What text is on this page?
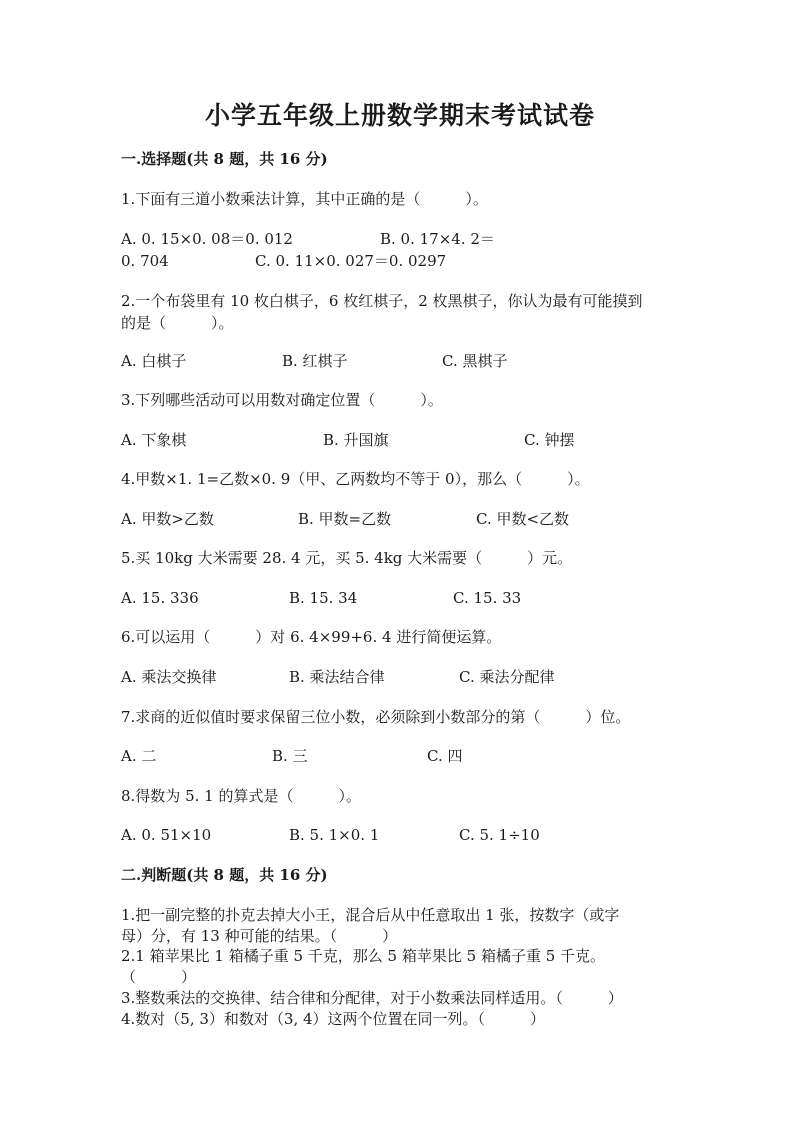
小学五年级上册数学期末考试试卷
一.选择题(共 8 题，共 16 分)
1.下面有三道小数乘法计算，其中正确的是（　　　）。
A. 0. 15×0. 08＝0. 012	B. 0. 17×4. 2＝
0. 704	C. 0. 11×0. 027＝0. 0297
2.一个布袋里有 10 枚白棋子，6 枚红棋子，2 枚黑棋子，你认为最有可能摸到
的是（　　　）。
A. 白棋子	B. 红棋子	C. 黑棋子
3.下列哪些活动可以用数对确定位置（　　　）。
A. 下象棋	B. 升国旗	C. 钟摆
4.甲数×1. 1=乙数×0. 9（甲、乙两数均不等于 0），那么（　　　）。
A. 甲数>乙数	B. 甲数=乙数	C. 甲数<乙数
5.买 10kg 大米需要 28. 4 元，买 5. 4kg 大米需要（　　　）元。
A. 15. 336	B. 15. 34	C. 15. 33
6.可以运用（　　　）对 6. 4×99+6. 4 进行简便运算。
A. 乘法交换律	B. 乘法结合律	C. 乘法分配律
7.求商的近似值时要求保留三位小数，必须除到小数部分的第（　　　）位。
A. 二	B. 三	C. 四
8.得数为 5. 1 的算式是（　　　）。
A. 0. 51×10	B. 5. 1×0. 1	C. 5. 1÷10
二.判断题(共 8 题，共 16 分)
1.把一副完整的扑克去掉大小王，混合后从中任意取出 1 张，按数字（或字
母）分，有 13 种可能的结果。（　　　）
2.1 箱苹果比 1 箱橘子重 5 千克，那么 5 箱苹果比 5 箱橘子重 5 千克。
（　　　）
3.整数乘法的交换律、结合律和分配律，对于小数乘法同样适用。（　　　）
4.数对（5, 3）和数对（3, 4）这两个位置在同一列。（　　　）
